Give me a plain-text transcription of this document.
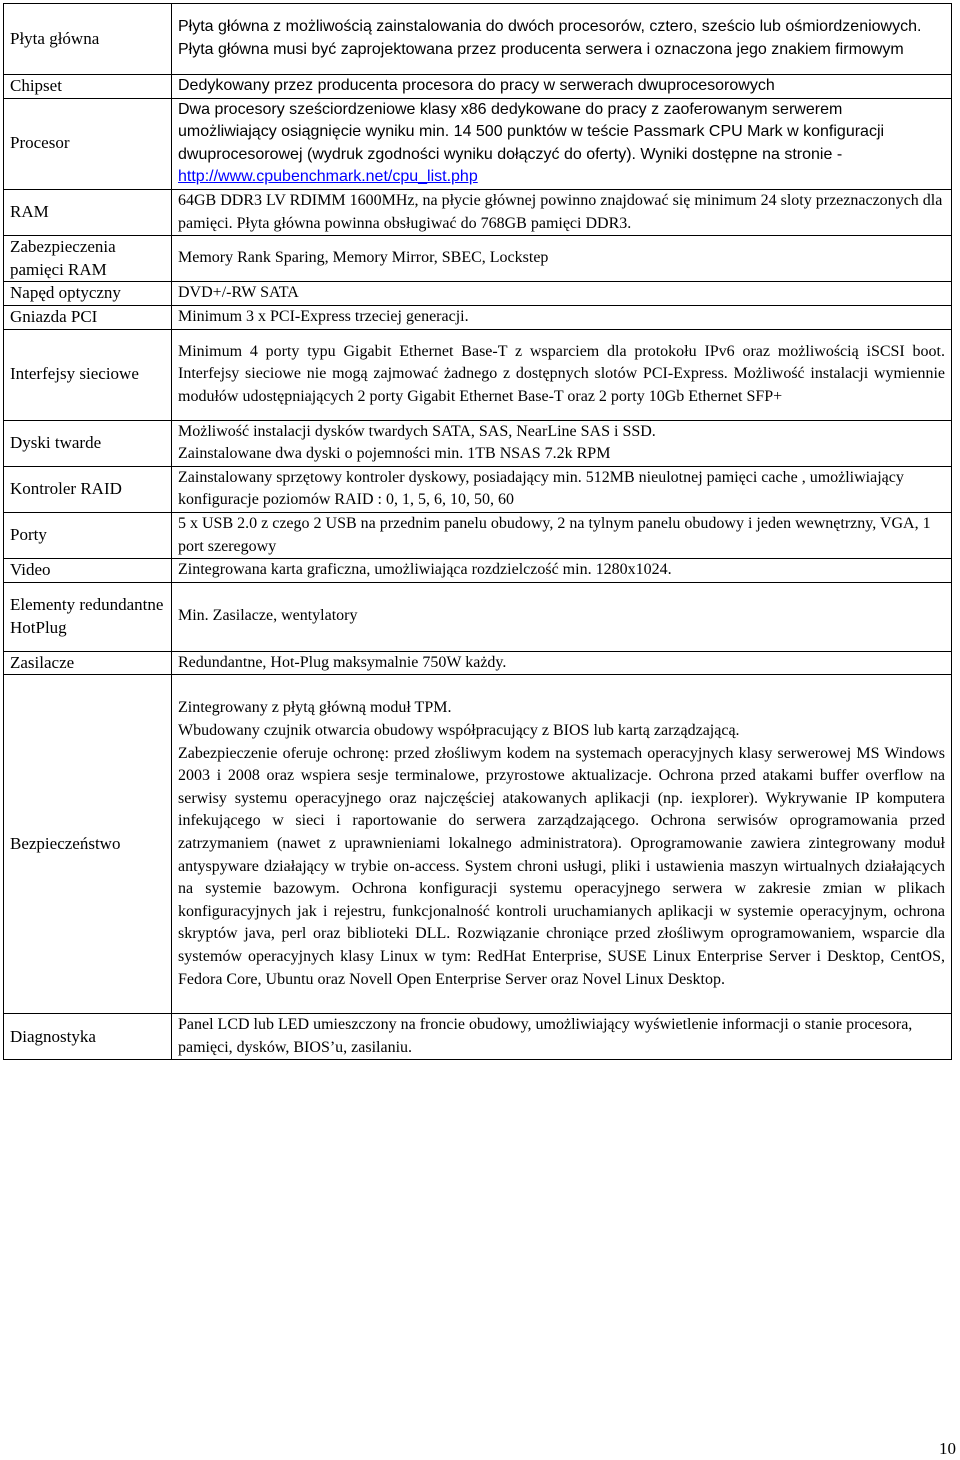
Płyta główna	Płyta główna z możliwością zainstalowania do dwóch procesorów, cztero, sześcio lub ośmiordzeniowych. Płyta główna musi być zaprojektowana przez producenta serwera i oznaczona jego znakiem firmowym
Chipset	Dedykowany przez producenta procesora do pracy w serwerach dwuprocesorowych
Procesor	Dwa procesory sześciordzeniowe klasy x86 dedykowane do pracy z zaoferowanym serwerem umożliwiający osiągnięcie wyniku min. 14 500 punktów w teście Passmark CPU Mark w konfiguracji dwuprocesorowej (wydruk zgodności wyniku dołączyć do oferty). Wyniki dostępne na stronie - http://www.cpubenchmark.net/cpu_list.php
RAM	64GB DDR3 LV RDIMM 1600MHz, na płycie głównej powinno znajdować się minimum 24 sloty przeznaczonych dla pamięci. Płyta główna powinna obsługiwać do 768GB pamięci DDR3.
Zabezpieczenia pamięci RAM	Memory Rank Sparing, Memory Mirror, SBEC, Lockstep
Napęd optyczny	DVD+/-RW SATA
Gniazda PCI	Minimum 3 x PCI-Express trzeciej generacji.
Interfejsy sieciowe	Minimum 4 porty typu Gigabit Ethernet Base-T z wsparciem dla protokołu IPv6 oraz możliwością iSCSI boot. Interfejsy sieciowe nie mogą zajmować żadnego z dostępnych slotów PCI-Express. Możliwość instalacji wymiennie modułów udostępniających 2 porty Gigabit Ethernet Base-T oraz 2 porty 10Gb Ethernet SFP+
Dyski twarde	Możliwość instalacji dysków twardych SATA, SAS, NearLine SAS i SSD.
Zainstalowane dwa dyski o pojemności min. 1TB NSAS 7.2k RPM

Kontroler RAID	Zainstalowany sprzętowy kontroler dyskowy, posiadający min. 512MB nieulotnej pamięci cache , umożliwiający konfiguracje poziomów RAID : 0, 1, 5, 6, 10, 50, 60
Porty	5 x USB 2.0 z czego 2 USB na przednim panelu obudowy, 2 na tylnym panelu obudowy i jeden wewnętrzny, VGA, 1 port szeregowy
Video	Zintegrowana karta graficzna, umożliwiająca rozdzielczość min. 1280x1024.
Elementy redundantne HotPlug	Min. Zasilacze, wentylatory
Zasilacze	Redundantne, Hot-Plug maksymalnie 750W każdy.
Bezpieczeństwo	Zintegrowany z płytą główną moduł TPM.
Wbudowany czujnik otwarcia obudowy współpracujący z BIOS lub kartą zarządzającą.
Zabezpieczenie oferuje ochronę: przed złośliwym kodem na systemach operacyjnych klasy serwerowej MS Windows 2003 i 2008 oraz wspiera sesje terminalowe, przyrostowe aktualizacje. Ochrona przed atakami buffer overflow na serwisy systemu operacyjnego oraz najczęściej atakowanych aplikacji (np. iexplorer). Wykrywanie IP komputera infekującego w sieci i raportowanie do serwera zarządzającego. Ochrona serwisów oprogramowania przed zatrzymaniem (nawet z uprawnieniami lokalnego administratora). Oprogramowanie zawiera zintegrowany moduł antyspyware działający w trybie on-access. System chroni usługi, pliki i ustawienia maszyn wirtualnych działających na systemie bazowym. Ochrona konfiguracji systemu operacyjnego serwera w zakresie zmian w plikach konfiguracyjnych jak i rejestru, funkcjonalność kontroli uruchamianych aplikacji w systemie operacyjnym, ochrona skryptów java, perl oraz biblioteki DLL. Rozwiązanie chroniące przed złośliwym oprogramowaniem, wsparcie dla systemów operacyjnych klasy Linux w tym: RedHat Enterprise, SUSE Linux Enterprise Server i Desktop, CentOS, Fedora Core, Ubuntu oraz Novell Open Enterprise Server oraz Novel Linux Desktop.

Diagnostyka	Panel LCD lub LED umieszczony na froncie obudowy, umożliwiający wyświetlenie informacji o stanie procesora, pamięci, dysków, BIOS’u, zasilaniu.
10
